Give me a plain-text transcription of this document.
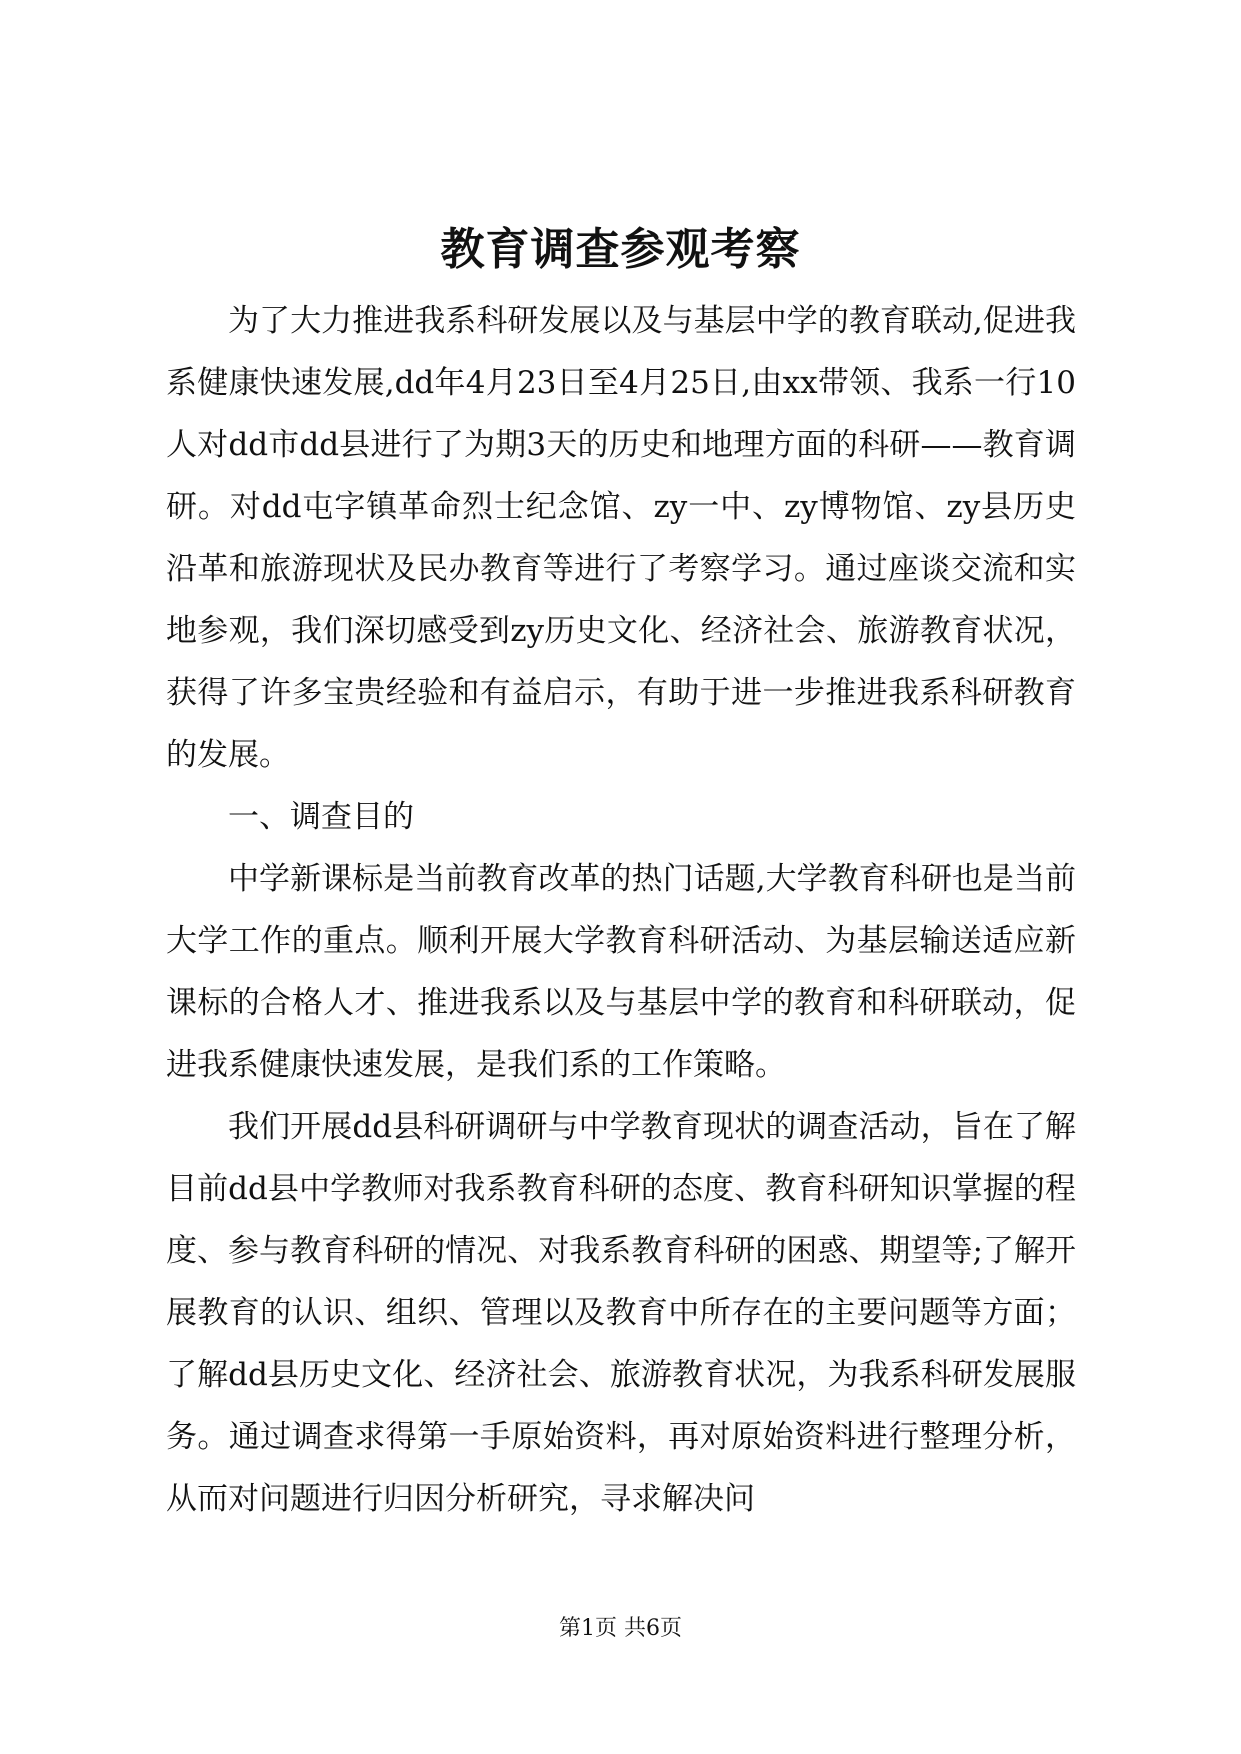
教育调查参观考察

为了大力推进我系科研发展以及与基层中学的教育联动,促进我系健康快速发展,dd年4月23日至4月25日,由xx带领、我系一行10人对dd市dd县进行了为期3天的历史和地理方面的科研——教育调研。对dd屯字镇革命烈士纪念馆、zy一中、zy博物馆、zy县历史沿革和旅游现状及民办教育等进行了考察学习。通过座谈交流和实地参观，我们深切感受到zy历史文化、经济社会、旅游教育状况，获得了许多宝贵经验和有益启示，有助于进一步推进我系科研教育的发展。

一、调查目的

中学新课标是当前教育改革的热门话题,大学教育科研也是当前大学工作的重点。顺利开展大学教育科研活动、为基层输送适应新课标的合格人才、推进我系以及与基层中学的教育和科研联动，促进我系健康快速发展，是我们系的工作策略。

我们开展dd县科研调研与中学教育现状的调查活动，旨在了解目前dd县中学教师对我系教育科研的态度、教育科研知识掌握的程度、参与教育科研的情况、对我系教育科研的困惑、期望等;了解开展教育的认识、组织、管理以及教育中所存在的主要问题等方面；了解dd县历史文化、经济社会、旅游教育状况，为我系科研发展服务。通过调查求得第一手原始资料，再对原始资料进行整理分析，从而对问题进行归因分析研究，寻求解决问

第1页 共6页
